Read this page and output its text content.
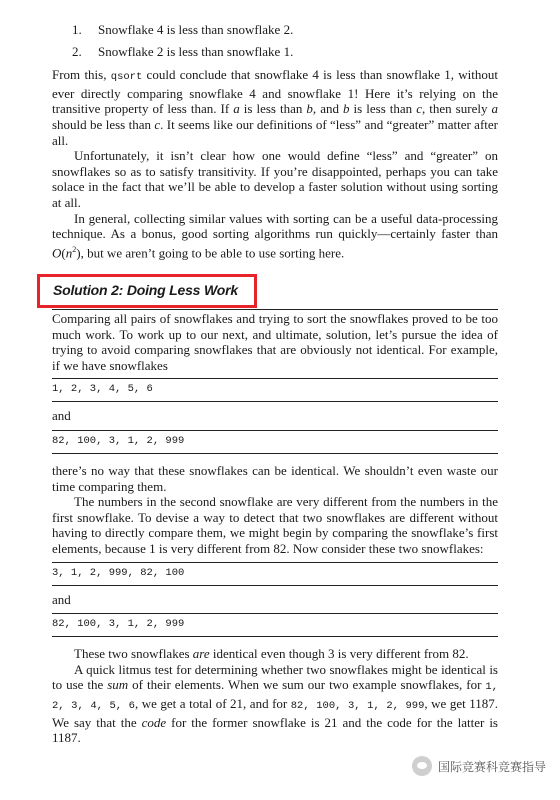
1.	Snowflake 4 is less than snowflake 2.
2.	Snowflake 2 is less than snowflake 1.

From this, qsort could conclude that snowflake 4 is less than snowflake 1, without ever directly comparing snowflake 4 and snowflake 1! Here it’s relying on the transitive property of less than. If a is less than b, and b is less than c, then surely a should be less than c. It seems like our definitions of “less” and “greater” matter after all.

Unfortunately, it isn’t clear how one would define “less” and “greater” on snowflakes so as to satisfy transitivity. If you’re disappointed, perhaps you can take solace in the fact that we’ll be able to develop a faster solution without using sorting at all.

In general, collecting similar values with sorting can be a useful data-processing technique. As a bonus, good sorting algorithms run quickly—certainly faster than $O(n^2)$, but we aren’t going to be able to use sorting here.

Solution 2: Doing Less Work

Comparing all pairs of snowflakes and trying to sort the snowflakes proved to be too much work. To work up to our next, and ultimate, solution, let’s pursue the idea of trying to avoid comparing snowflakes that are obviously not identical. For example, if we have snowflakes

1, 2, 3, 4, 5, 6

and

82, 100, 3, 1, 2, 999

there’s no way that these snowflakes can be identical. We shouldn’t even waste our time comparing them.

The numbers in the second snowflake are very different from the numbers in the first snowflake. To devise a way to detect that two snowflakes are different without having to directly compare them, we might begin by comparing the snowflake’s first elements, because 1 is very different from 82. Now consider these two snowflakes:

3, 1, 2, 999, 82, 100

and

82, 100, 3, 1, 2, 999

These two snowflakes are identical even though 3 is very different from 82.

A quick litmus test for determining whether two snowflakes might be identical is to use the sum of their elements. When we sum our two example snowflakes, for 1, 2, 3, 4, 5, 6, we get a total of 21, and for 82, 100, 3, 1, 2, 999, we get 1187. We say that the code for the former snowflake is 21 and the code for the latter is 1187.

国际竞赛科竞赛指导
